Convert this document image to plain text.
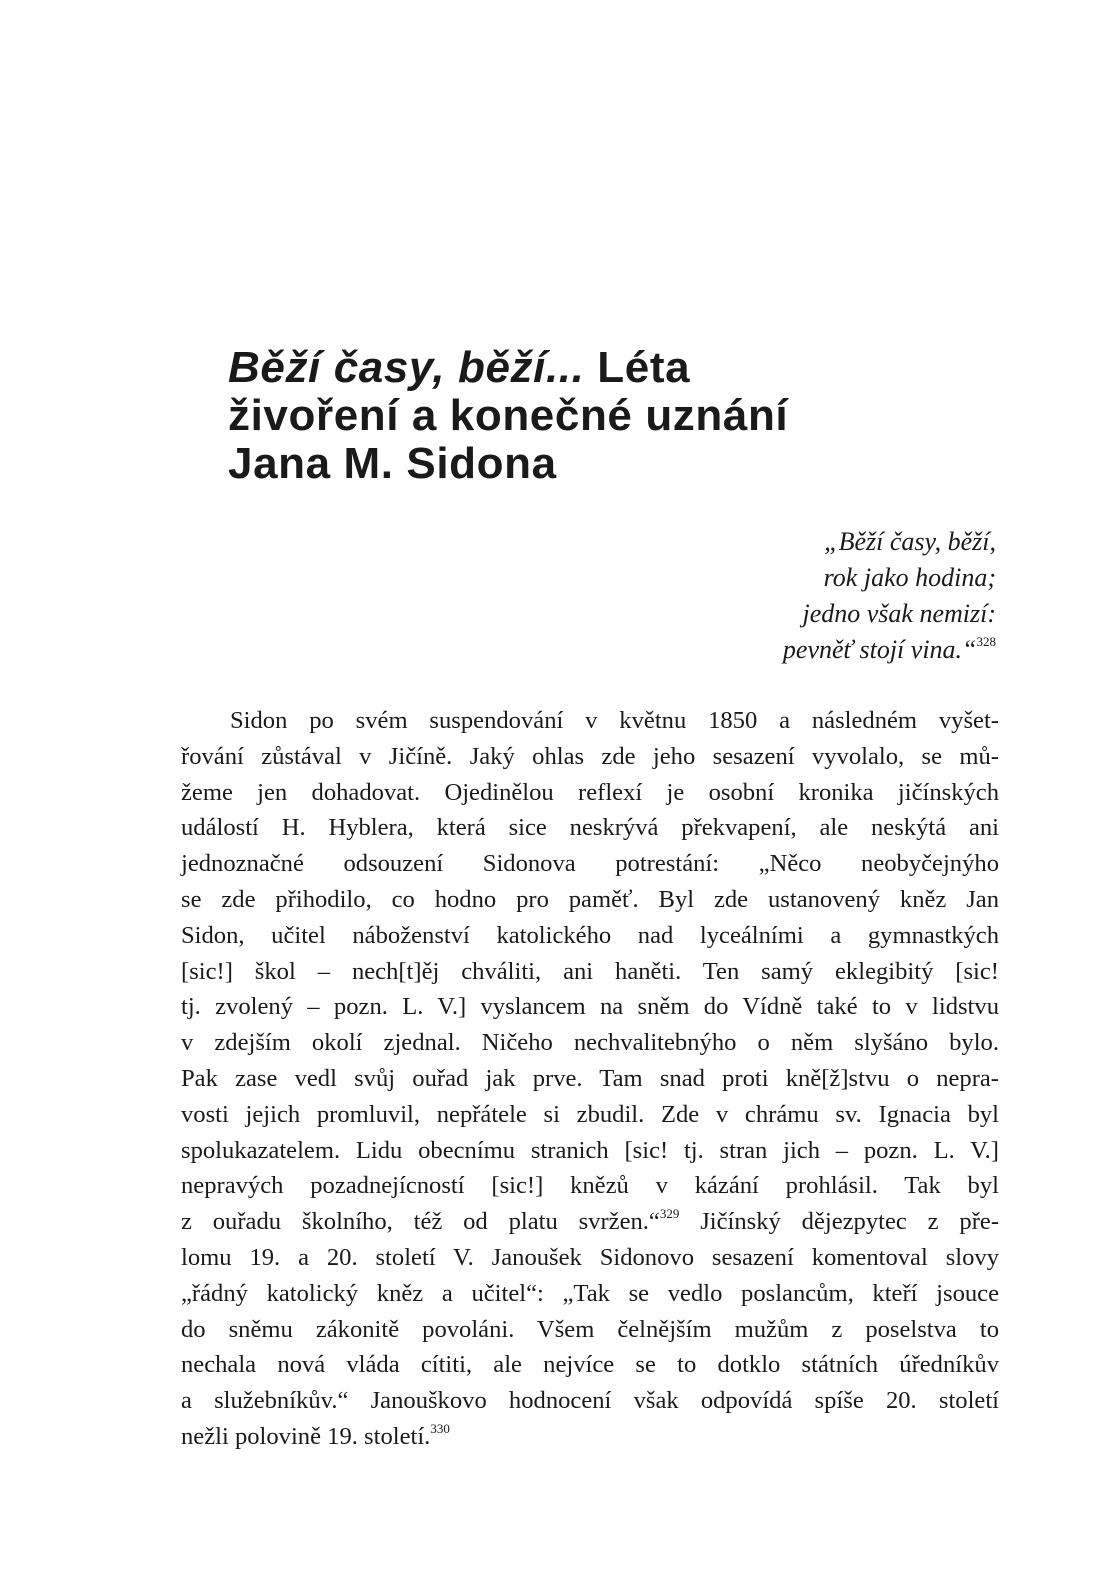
Běží časy, běží... Léta
živoření a konečné uznání
Jana M. Sidona
„Běží časy, běží,
rok jako hodina;
jedno však nemizí:
pevněť stojí vina.“$^{328}$
Sidon po svém suspendování v květnu 1850 a následném vyšet-
řování zůstával v Jičíně. Jaký ohlas zde jeho sesazení vyvolalo, se mů-
žeme jen dohadovat. Ojedinělou reflexí je osobní kronika jičínských
událostí H. Hyblera, která sice neskrývá překvapení, ale neskýtá ani
jednoznačné odsouzení Sidonova potrestání: „Něco neobyčejnýho
se zde přihodilo, co hodno pro paměť. Byl zde ustanovený kněz Jan
Sidon, učitel náboženství katolického nad lyceálními a gymnastkých
[sic!] škol – nech[t]ěj chváliti, ani haněti. Ten samý eklegibitý [sic!
tj. zvolený – pozn. L. V.] vyslancem na sněm do Vídně také to v lidstvu
v zdejším okolí zjednal. Ničeho nechvalitebnýho o něm slyšáno bylo.
Pak zase vedl svůj ouřad jak prve. Tam snad proti kně[ž]stvu o nepra-
vosti jejich promluvil, nepřátele si zbudil. Zde v chrámu sv. Ignacia byl
spolukazatelem. Lidu obecnímu stranich [sic! tj. stran jich – pozn. L. V.]
nepravých pozadnejícností [sic!] knězů v kázání prohlásil. Tak byl
z ouřadu školního, též od platu svržen.“$^{329}$ Jičínský dějezpytec z pře-
lomu 19. a 20. století V. Janoušek Sidonovo sesazení komentoval slovy
„řádný katolický kněz a učitel“: „Tak se vedlo poslancům, kteří jsouce
do sněmu zákonitě povoláni. Všem čelnějším mužům z poselstva to
nechala nová vláda cítiti, ale nejvíce se to dotklo státních úředníkův
a služebníkův.“ Janouškovo hodnocení však odpovídá spíše 20. století
nežli polovině 19. století.$^{330}$
